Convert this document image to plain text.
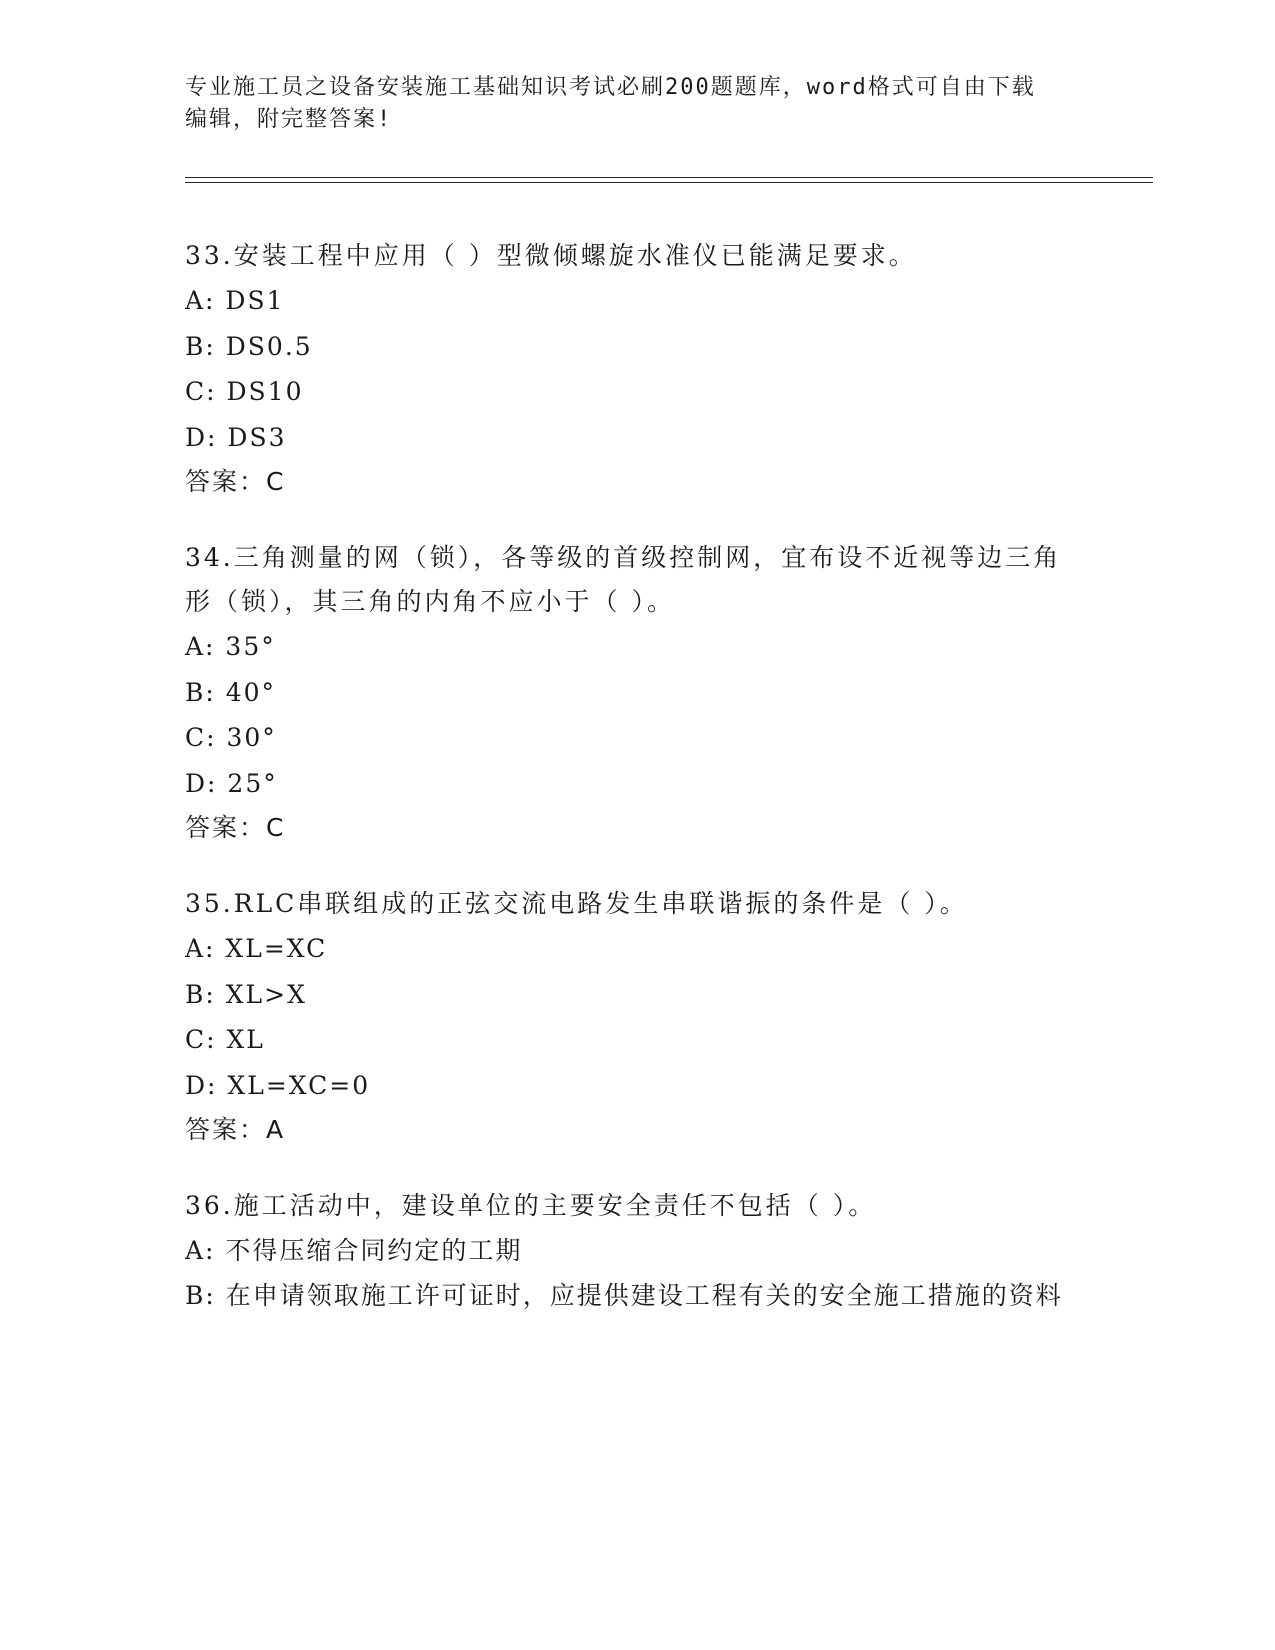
专业施工员之设备安装施工基础知识考试必刷200题题库，word格式可自由下载
编辑，附完整答案!

33.安装工程中应用（ ）型微倾螺旋水准仪已能满足要求。

A: DS1

B: DS0.5

C: DS10

D: DS3

答案：C

34.三角测量的网（锁），各等级的首级控制网，宜布设不近视等边三角形（锁），其三角的内角不应小于（ ）。

A: 35°

B: 40°

C: 30°

D: 25°

答案：C

35.RLC串联组成的正弦交流电路发生串联谐振的条件是（ ）。

A: XL=XC

B: XL>X

C: XL

D: XL=XC=0

答案：A

36.施工活动中，建设单位的主要安全责任不包括（ ）。

A: 不得压缩合同约定的工期

B: 在申请领取施工许可证时，应提供建设工程有关的安全施工措施的资料
